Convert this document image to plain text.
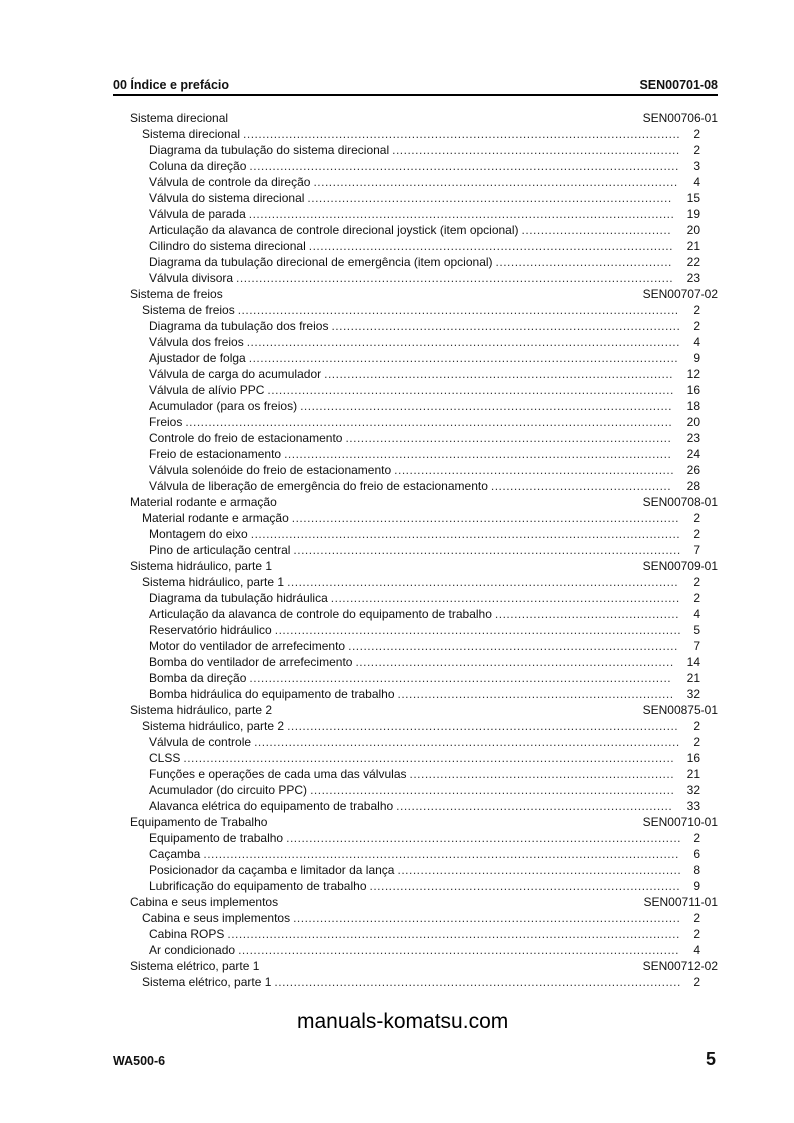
00 Índice e prefácio	SEN00701-08
Sistema direcional	SEN00706-01
Sistema direcional .................................................................................................................. 2
Diagrama da tubulação do sistema direcional ........................................................................... 2
Coluna da direção ................................................................................................................ 3
Válvula de controle da direção ............................................................................................... 4
Válvula do sistema direcional ............................................................................................... 15
Válvula de parada ............................................................................................................... 19
Articulação da alavanca de controle direcional joystick (item opcional) ....................................... 20
Cilindro do sistema direcional ............................................................................................... 21
Diagrama da tubulação direcional de emergência (item opcional) .............................................. 22
Válvula divisora .................................................................................................................. 23
Sistema de freios	SEN00707-02
Sistema de freios ................................................................................................................... 2
Diagrama da tubulação dos freios ........................................................................................... 2
Válvula dos freios ................................................................................................................. 4
Ajustador de folga ................................................................................................................ 9
Válvula de carga do acumulador ........................................................................................... 12
Válvula de alívio PPC .......................................................................................................... 16
Acumulador (para os freios) ................................................................................................. 18
Freios ............................................................................................................................... 20
Controle do freio de estacionamento ..................................................................................... 23
Freio de estacionamento ..................................................................................................... 24
Válvula solenóide do freio de estacionamento ......................................................................... 26
Válvula de liberação de emergência do freio de estacionamento ............................................... 28
Material rodante e armação	SEN00708-01
Material rodante e armação ..................................................................................................... 2
Montagem do eixo ................................................................................................................ 2
Pino de articulação central ..................................................................................................... 7
Sistema hidráulico, parte 1	SEN00709-01
Sistema hidráulico, parte 1 ...................................................................................................... 2
Diagrama da tubulação hidráulica ........................................................................................... 2
Articulação da alavanca de controle do equipamento de trabalho ................................................ 4
Reservatório hidráulico .......................................................................................................... 5
Motor do ventilador de arrefecimento ...................................................................................... 7
Bomba do ventilador de arrefecimento ................................................................................... 14
Bomba da direção .............................................................................................................. 21
Bomba hidráulica do equipamento de trabalho ........................................................................ 32
Sistema hidráulico, parte 2	SEN00875-01
Sistema hidráulico, parte 2 ...................................................................................................... 2
Válvula de controle ............................................................................................................... 2
CLSS ................................................................................................................................ 16
Funções e operações de cada uma das válvulas ..................................................................... 21
Acumulador (do circuito PPC) ............................................................................................... 32
Alavanca elétrica do equipamento de trabalho ........................................................................ 33
Equipamento de Trabalho	SEN00710-01
Equipamento de trabalho ....................................................................................................... 2
Caçamba ............................................................................................................................ 6
Posicionador da caçamba e limitador da lança .......................................................................... 8
Lubrificação do equipamento de trabalho ................................................................................. 9
Cabina e seus implementos	SEN00711-01
Cabina e seus implementos ..................................................................................................... 2
Cabina ROPS ...................................................................................................................... 2
Ar condicionado ................................................................................................................... 4
Sistema elétrico, parte 1	SEN00712-02
Sistema elétrico, parte 1 .......................................................................................................... 2
manuals-komatsu.com
WA500-6	5
